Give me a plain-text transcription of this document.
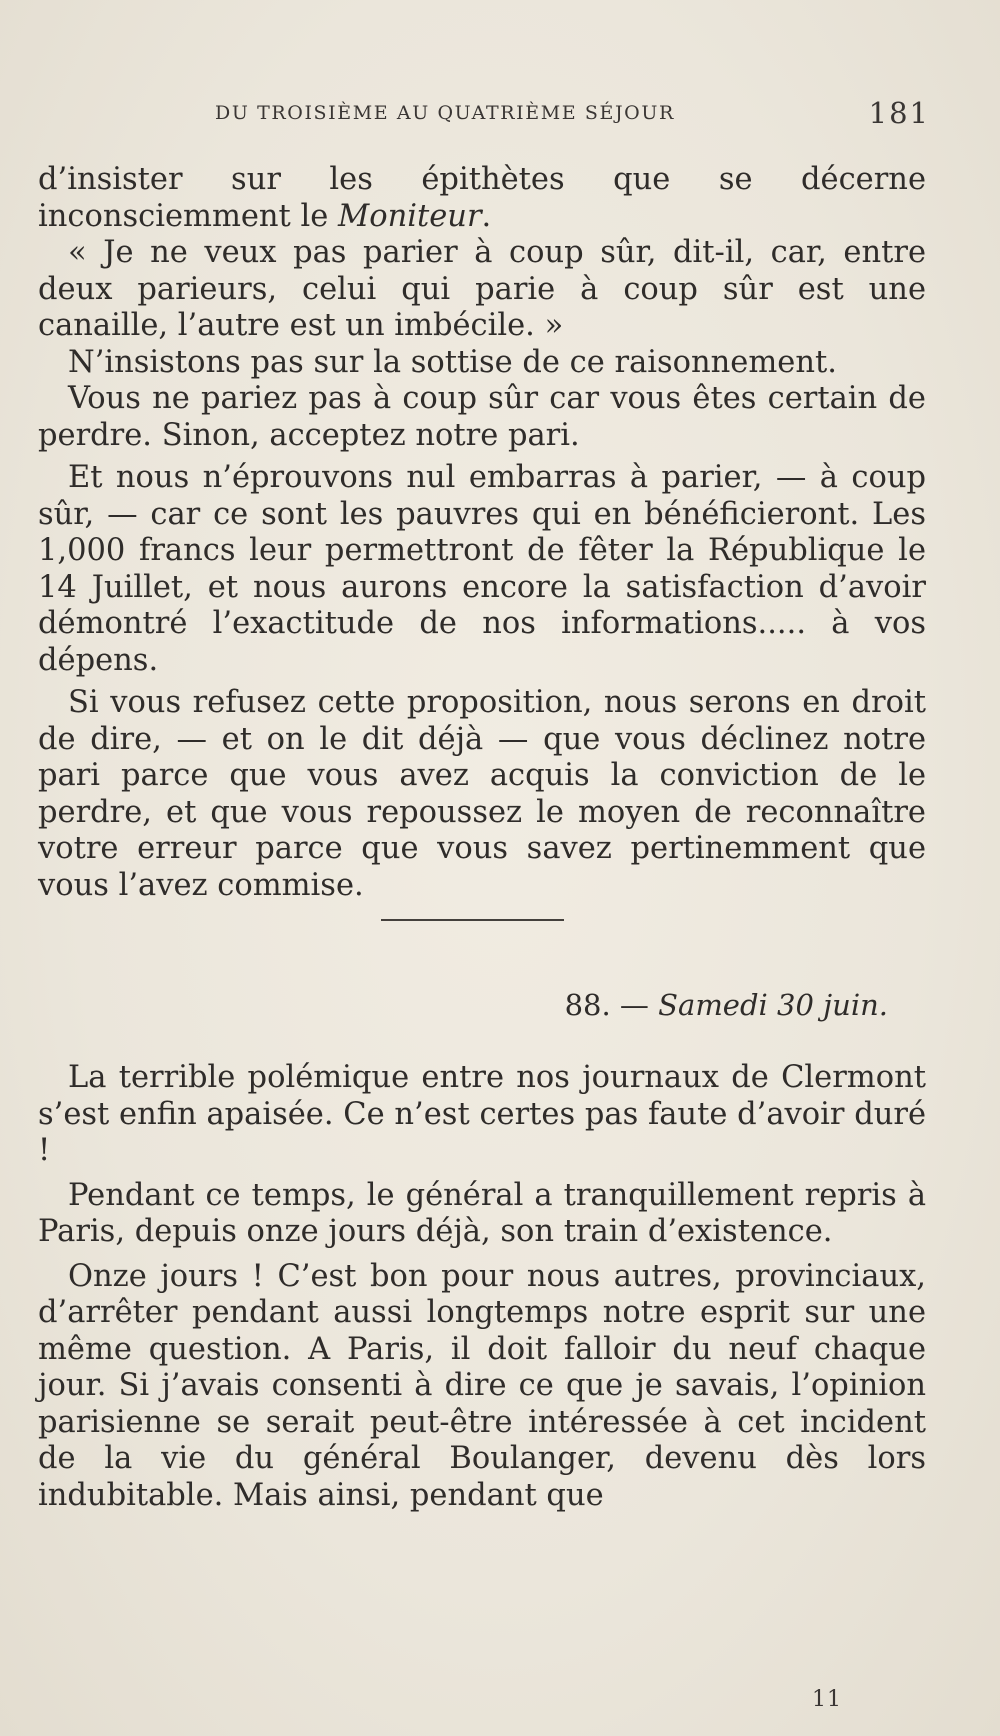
DU TROISIÈME AU QUATRIÈME SÉJOUR	181

d’insister sur les épithètes que se décerne inconsciemment le Moniteur.

« Je ne veux pas parier à coup sûr, dit-il, car, entre deux parieurs, celui qui parie à coup sûr est une canaille, l’autre est un imbécile. »

N’insistons pas sur la sottise de ce raisonnement.

Vous ne pariez pas à coup sûr car vous êtes certain de perdre. Sinon, acceptez notre pari.

Et nous n’éprouvons nul embarras à parier, — à coup sûr, — car ce sont les pauvres qui en bénéficieront. Les 1,000 francs leur permettront de fêter la République le 14 Juillet, et nous aurons encore la satisfaction d’avoir démontré l’exactitude de nos informations..... à vos dépens.

Si vous refusez cette proposition, nous serons en droit de dire, — et on le dit déjà — que vous déclinez notre pari parce que vous avez acquis la conviction de le perdre, et que vous repoussez le moyen de reconnaître votre erreur parce que vous savez pertinemment que vous l’avez commise.

88. — Samedi 30 juin.

La terrible polémique entre nos journaux de Clermont s’est enfin apaisée. Ce n’est certes pas faute d’avoir duré !

Pendant ce temps, le général a tranquillement repris à Paris, depuis onze jours déjà, son train d’existence.

Onze jours ! C’est bon pour nous autres, provinciaux, d’arrêter pendant aussi longtemps notre esprit sur une même question. A Paris, il doit falloir du neuf chaque jour. Si j’avais consenti à dire ce que je savais, l’opinion parisienne se serait peut-être intéressée à cet incident de la vie du général Boulanger, devenu dès lors indubitable. Mais ainsi, pendant que

11
